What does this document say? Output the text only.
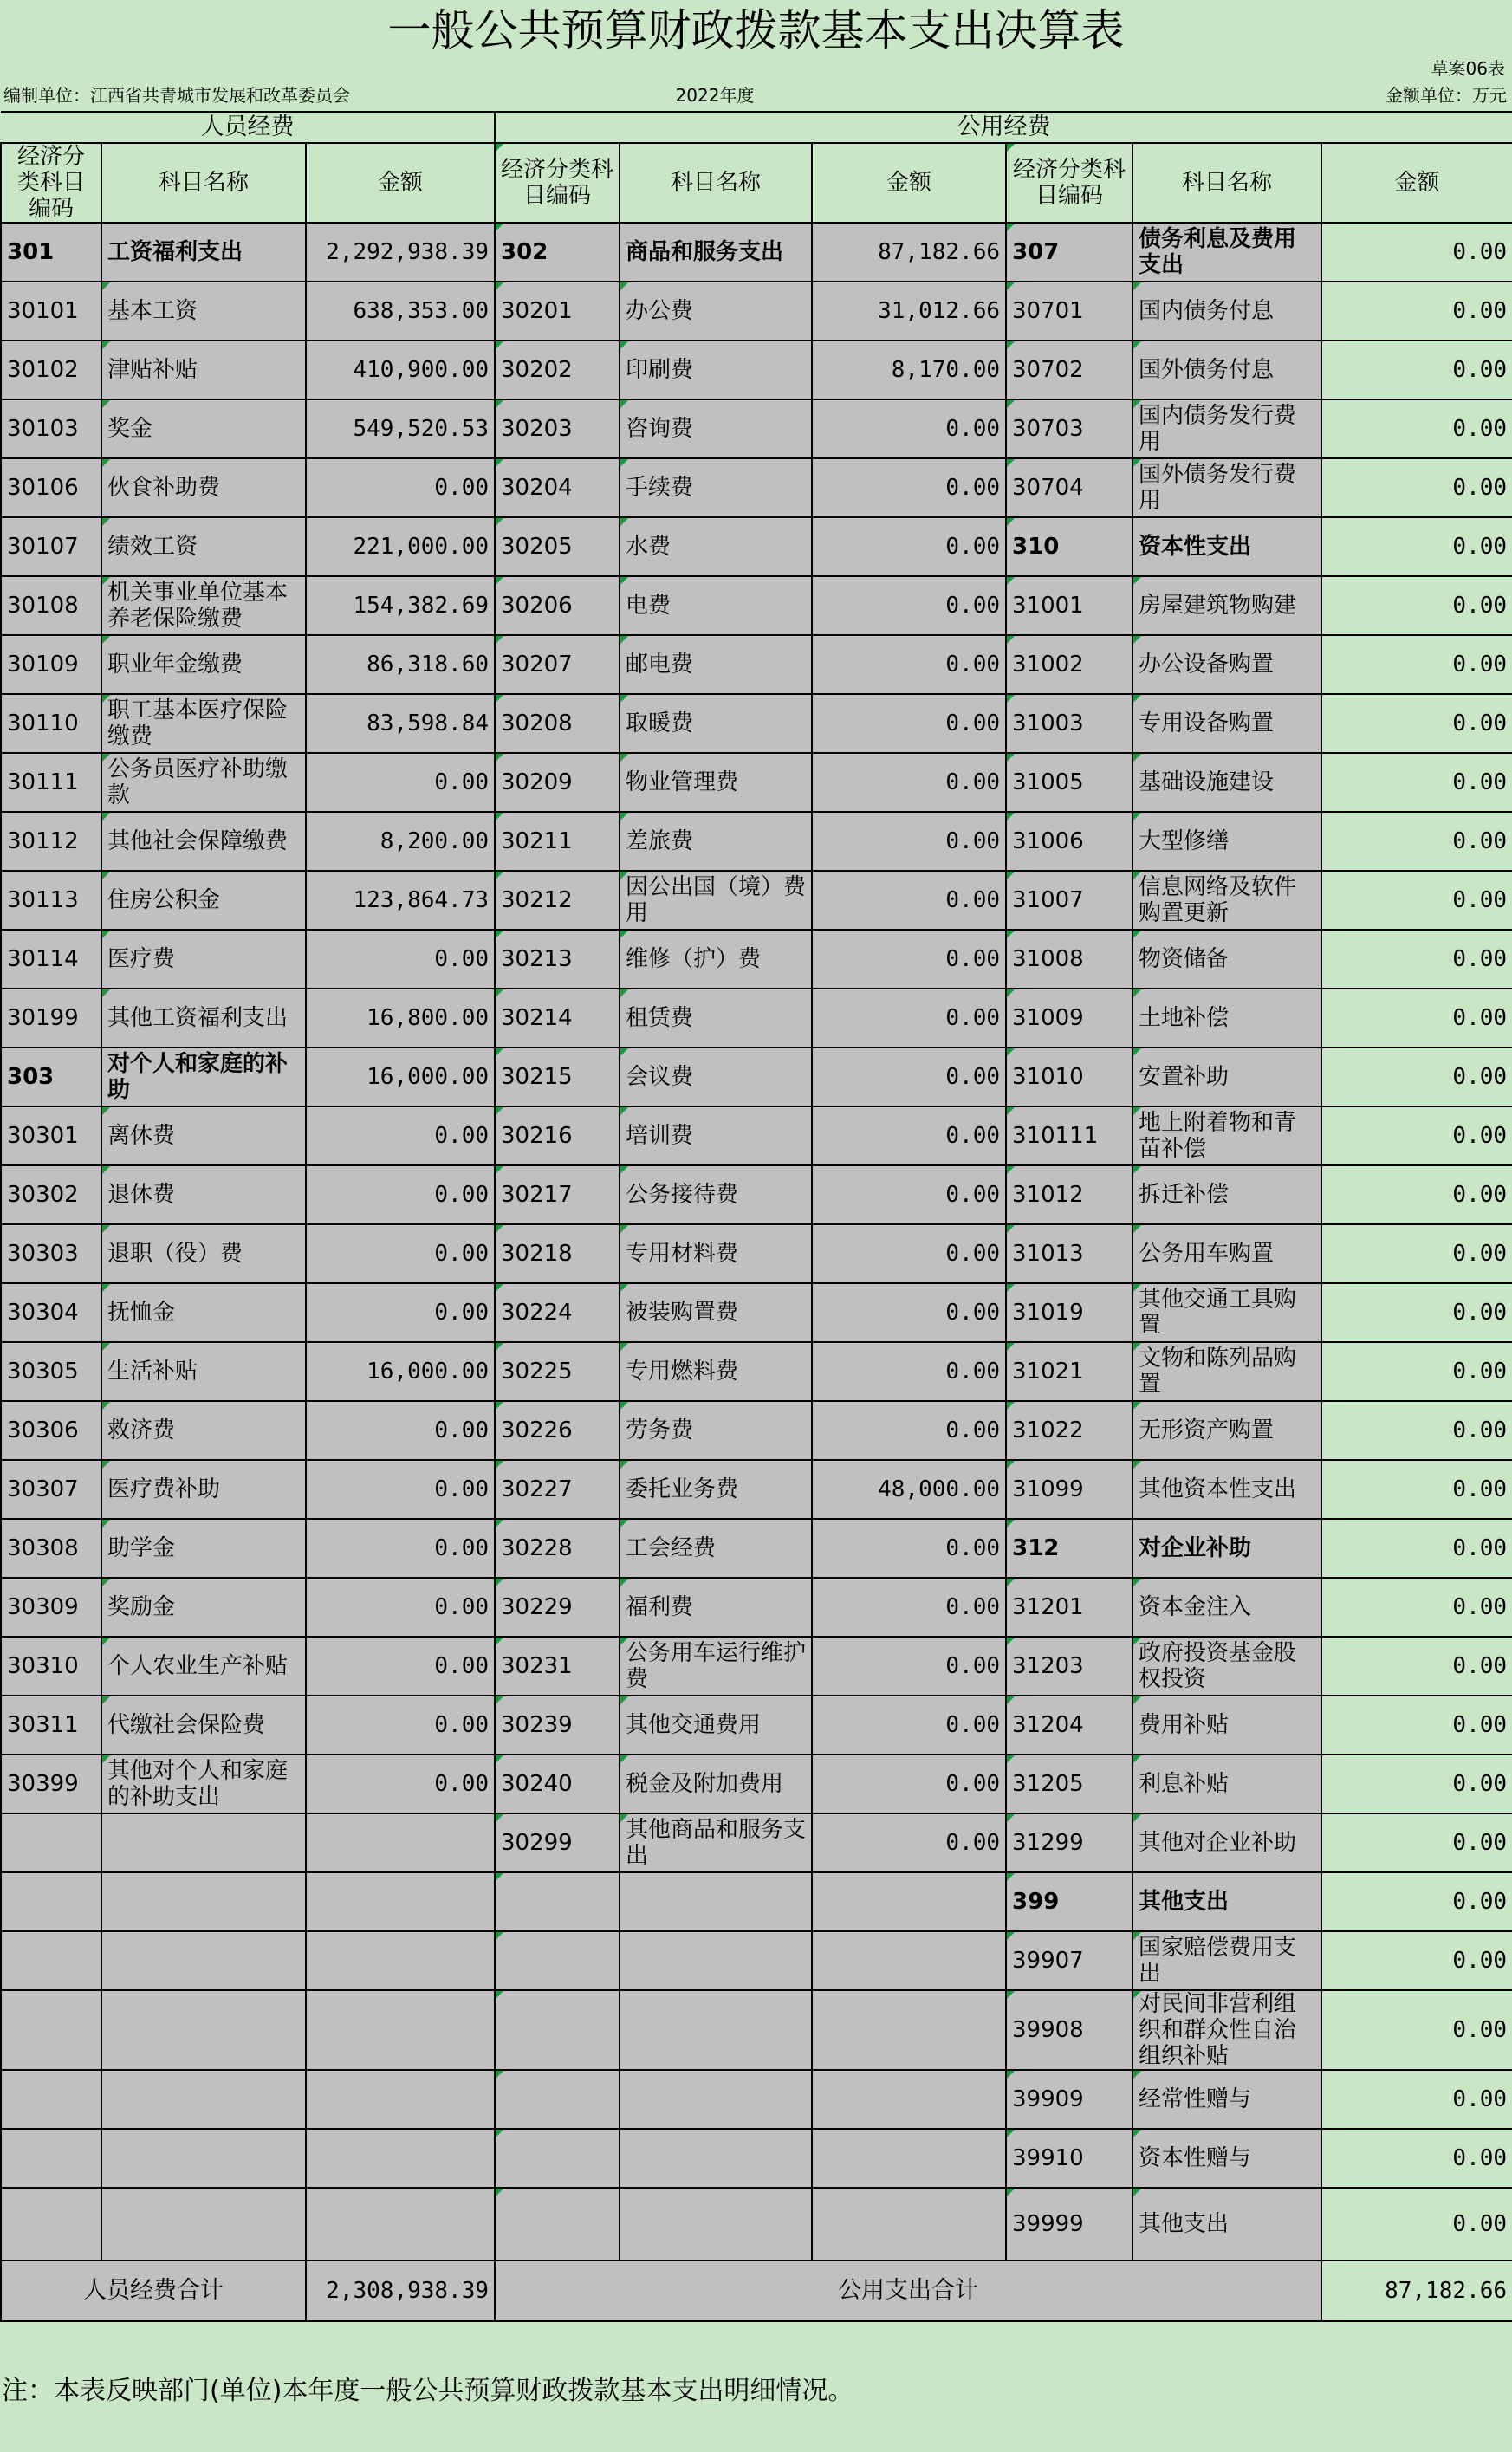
一般公共预算财政拨款基本支出决算表
草案06表
编制单位：江西省共青城市发展和改革委员会	2022年度	金额单位：万元
人员经费			公用经费					
经济分类科目编码	科目名称	金额	经济分类科目编码	科目名称	金额	经济分类科目编码	科目名称	金额
301	工资福利支出	2,292,938.39	302	商品和服务支出	87,182.66	307	债务利息及费用支出	0.00
30101	基本工资	638,353.00	30201	办公费	31,012.66	30701	国内债务付息	0.00
30102	津贴补贴	410,900.00	30202	印刷费	8,170.00	30702	国外债务付息	0.00
30103	奖金	549,520.53	30203	咨询费	0.00	30703	国内债务发行费用	0.00
30106	伙食补助费	0.00	30204	手续费	0.00	30704	国外债务发行费用	0.00
30107	绩效工资	221,000.00	30205	水费	0.00	310	资本性支出	0.00
30108	机关事业单位基本养老保险缴费	154,382.69	30206	电费	0.00	31001	房屋建筑物购建	0.00
30109	职业年金缴费	86,318.60	30207	邮电费	0.00	31002	办公设备购置	0.00
30110	职工基本医疗保险缴费	83,598.84	30208	取暖费	0.00	31003	专用设备购置	0.00
30111	公务员医疗补助缴款	0.00	30209	物业管理费	0.00	31005	基础设施建设	0.00
30112	其他社会保障缴费	8,200.00	30211	差旅费	0.00	31006	大型修缮	0.00
30113	住房公积金	123,864.73	30212	因公出国（境）费用	0.00	31007	信息网络及软件购置更新	0.00
30114	医疗费	0.00	30213	维修（护）费	0.00	31008	物资储备	0.00
30199	其他工资福利支出	16,800.00	30214	租赁费	0.00	31009	土地补偿	0.00
303	对个人和家庭的补助	16,000.00	30215	会议费	0.00	31010	安置补助	0.00
30301	离休费	0.00	30216	培训费	0.00	310111	地上附着物和青苗补偿	0.00
30302	退休费	0.00	30217	公务接待费	0.00	31012	拆迁补偿	0.00
30303	退职（役）费	0.00	30218	专用材料费	0.00	31013	公务用车购置	0.00
30304	抚恤金	0.00	30224	被装购置费	0.00	31019	其他交通工具购置	0.00
30305	生活补贴	16,000.00	30225	专用燃料费	0.00	31021	文物和陈列品购置	0.00
30306	救济费	0.00	30226	劳务费	0.00	31022	无形资产购置	0.00
30307	医疗费补助	0.00	30227	委托业务费	48,000.00	31099	其他资本性支出	0.00
30308	助学金	0.00	30228	工会经费	0.00	312	对企业补助	0.00
30309	奖励金	0.00	30229	福利费	0.00	31201	资本金注入	0.00
30310	个人农业生产补贴	0.00	30231	公务用车运行维护费	0.00	31203	政府投资基金股权投资	0.00
30311	代缴社会保险费	0.00	30239	其他交通费用	0.00	31204	费用补贴	0.00
30399	其他对个人和家庭的补助支出	0.00	30240	税金及附加费用	0.00	31205	利息补贴	0.00
			30299	其他商品和服务支出	0.00	31299	其他对企业补助	0.00
						399	其他支出	0.00
						39907	国家赔偿费用支出	0.00
						39908	对民间非营利组织和群众性自治组织补贴	0.00
						39909	经常性赠与	0.00
						39910	资本性赠与	0.00
						39999	其他支出	0.00
人员经费合计		2,308,938.39	公用支出合计					87,182.66
注：本表反映部门(单位)本年度一般公共预算财政拨款基本支出明细情况。
